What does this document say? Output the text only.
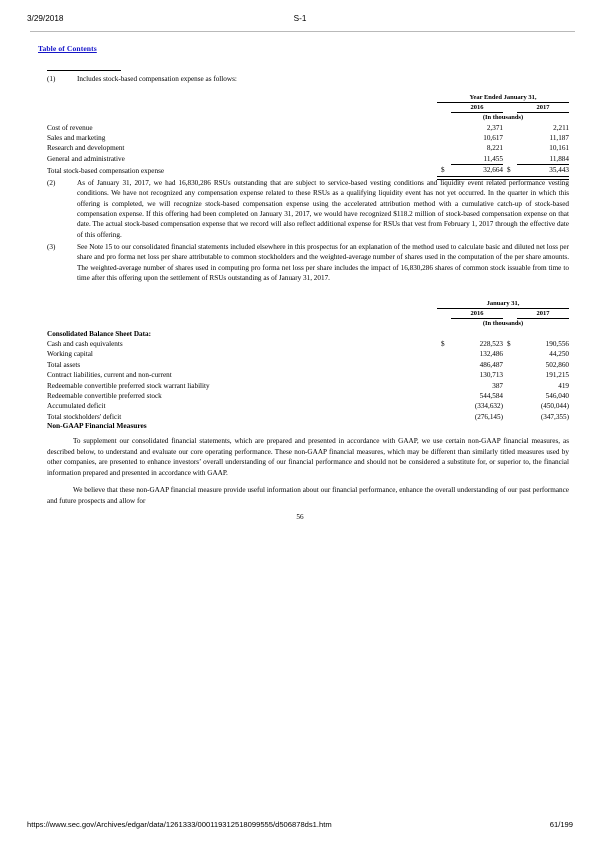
3/29/2018	S-1
Table of Contents
(1)	Includes stock-based compensation expense as follows:
		Year Ended January 31,			
			2016		2017
		(In thousands)			
Cost of revenue			2,371		2,211
Sales and marketing			10,617		11,187
Research and development			8,221		10,161
General and administrative			11,455		11,884
Total stock-based compensation expense		$	32,664	$	35,443

(2)	As of January 31, 2017, we had 16,830,286 RSUs outstanding that are subject to service-based vesting conditions and liquidity event related performance vesting conditions. We have not recognized any compensation expense related to these RSUs as a qualifying liquidity event has not yet occurred. In the quarter in which this offering is completed, we will recognize stock-based compensation expense using the accelerated attribution method with a cumulative catch-up of stock-based compensation expense. If this offering had been completed on January 31, 2017, we would have recognized $118.2 million of stock-based compensation expense on that date. The actual stock-based compensation expense that we record will also reflect additional expense for RSUs that vest from February 1, 2017 through the effective date of this offering.
(3)	See Note 15 to our consolidated financial statements included elsewhere in this prospectus for an explanation of the method used to calculate basic and diluted net loss per share and pro forma net loss per share attributable to common stockholders and the weighted-average number of shares used in the computation of the per share amounts. The weighted-average number of shares used in computing pro forma net loss per share includes the impact of 16,830,286 shares of common stock issuable from time to time after this offering upon the settlement of RSUs outstanding as of January 31, 2017.
		January 31,			
			2016		2017
		(In thousands)			
Consolidated Balance Sheet Data:					
Cash and cash equivalents		$	228,523	$	190,556
Working capital			132,486		44,250
Total assets			486,487		502,860
Contract liabilities, current and non-current			130,713		191,215
Redeemable convertible preferred stock warrant liability			387		419
Redeemable convertible preferred stock			544,584		546,040
Accumulated deficit			(334,632)		(450,044)
Total stockholders' deficit			(276,145)		(347,355)
Non-GAAP Financial Measures
To supplement our consolidated financial statements, which are prepared and presented in accordance with GAAP, we use certain non-GAAP financial measures, as described below, to understand and evaluate our core operating performance. These non-GAAP financial measures, which may be different than similarly titled measures used by other companies, are presented to enhance investors’ overall understanding of our financial performance and should not be considered a substitute for, or superior to, the financial information prepared and presented in accordance with GAAP.
We believe that these non-GAAP financial measure provide useful information about our financial performance, enhance the overall understanding of our past performance and future prospects and allow for
56
https://www.sec.gov/Archives/edgar/data/1261333/000119312518099555/d506878ds1.htm	61/199
